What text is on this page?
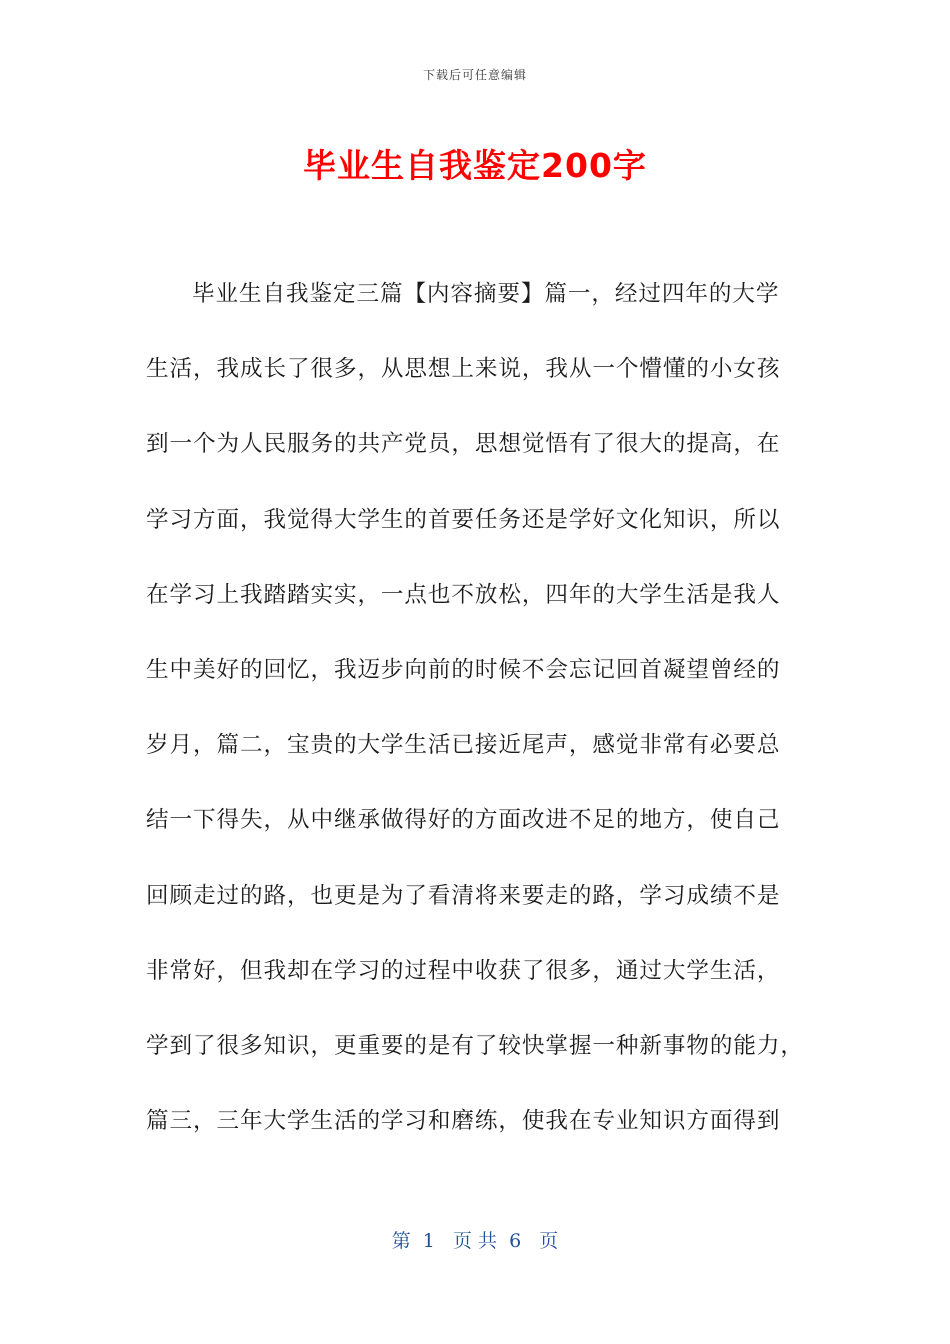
下载后可任意编辑
毕业生自我鉴定200字
毕业生自我鉴定三篇【内容摘要】篇一，经过四年的大学
生活，我成长了很多，从思想上来说，我从一个懵懂的小女孩
到一个为人民服务的共产党员，思想觉悟有了很大的提高，在
学习方面，我觉得大学生的首要任务还是学好文化知识，所以
在学习上我踏踏实实，一点也不放松，四年的大学生活是我人
生中美好的回忆，我迈步向前的时候不会忘记回首凝望曾经的
岁月，篇二，宝贵的大学生活已接近尾声，感觉非常有必要总
结一下得失，从中继承做得好的方面改进不足的地方，使自己
回顾走过的路，也更是为了看清将来要走的路，学习成绩不是
非常好，但我却在学习的过程中收获了很多，通过大学生活，
学到了很多知识，更重要的是有了较快掌握一种新事物的能力，
篇三，三年大学生活的学习和磨练，使我在专业知识方面得到
第  1   页 共  6   页
